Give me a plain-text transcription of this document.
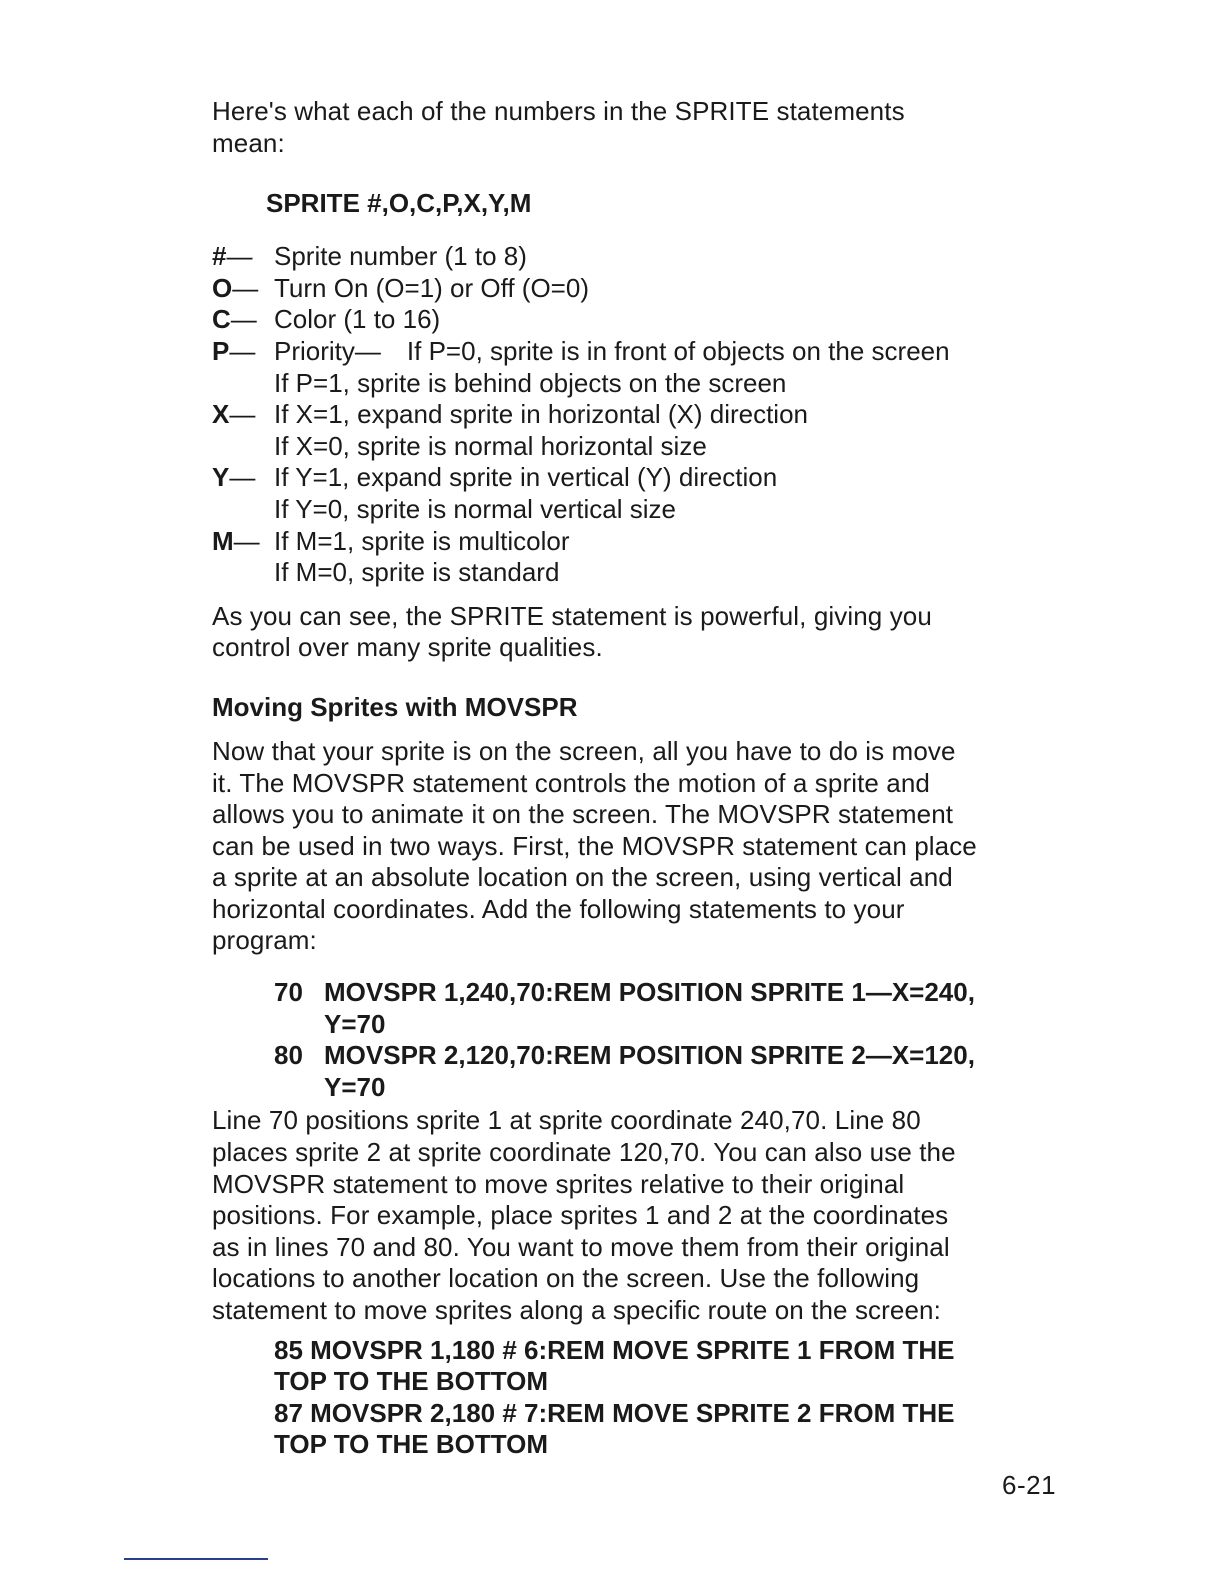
Here's what each of the numbers in the SPRITE statements mean:

SPRITE #,O,C,P,X,Y,M
#— Sprite number (1 to 8)
O— Turn On (O=1) or Off (O=0)
C— Color (1 to 16)
P— Priority— If P=0, sprite is in front of objects on the screen
If P=1, sprite is behind objects on the screen
X— If X=1, expand sprite in horizontal (X) direction
If X=0, sprite is normal horizontal size
Y— If Y=1, expand sprite in vertical (Y) direction
If Y=0, sprite is normal vertical size
M— If M=1, sprite is multicolor
If M=0, sprite is standard

As you can see, the SPRITE statement is powerful, giving you control over many sprite qualities.

Moving Sprites with MOVSPR
Now that your sprite is on the screen, all you have to do is move
it. The MOVSPR statement controls the motion of a sprite and
allows you to animate it on the screen. The MOVSPR statement
can be used in two ways. First, the MOVSPR statement can place
a sprite at an absolute location on the screen, using vertical and
horizontal coordinates. Add the following statements to your
program:
70 MOVSPR 1,240,70:REM POSITION SPRITE 1—X=240,
Y=70
80 MOVSPR 2,120,70:REM POSITION SPRITE 2—X=120,
Y=70
Line 70 positions sprite 1 at sprite coordinate 240,70. Line 80
places sprite 2 at sprite coordinate 120,70. You can also use the
MOVSPR statement to move sprites relative to their original
positions. For example, place sprites 1 and 2 at the coordinates
as in lines 70 and 80. You want to move them from their original
locations to another location on the screen. Use the following
statement to move sprites along a specific route on the screen:
85 MOVSPR 1,180 # 6:REM MOVE SPRITE 1 FROM THE
TOP TO THE BOTTOM
87 MOVSPR 2,180 # 7:REM MOVE SPRITE 2 FROM THE
TOP TO THE BOTTOM
6-21
